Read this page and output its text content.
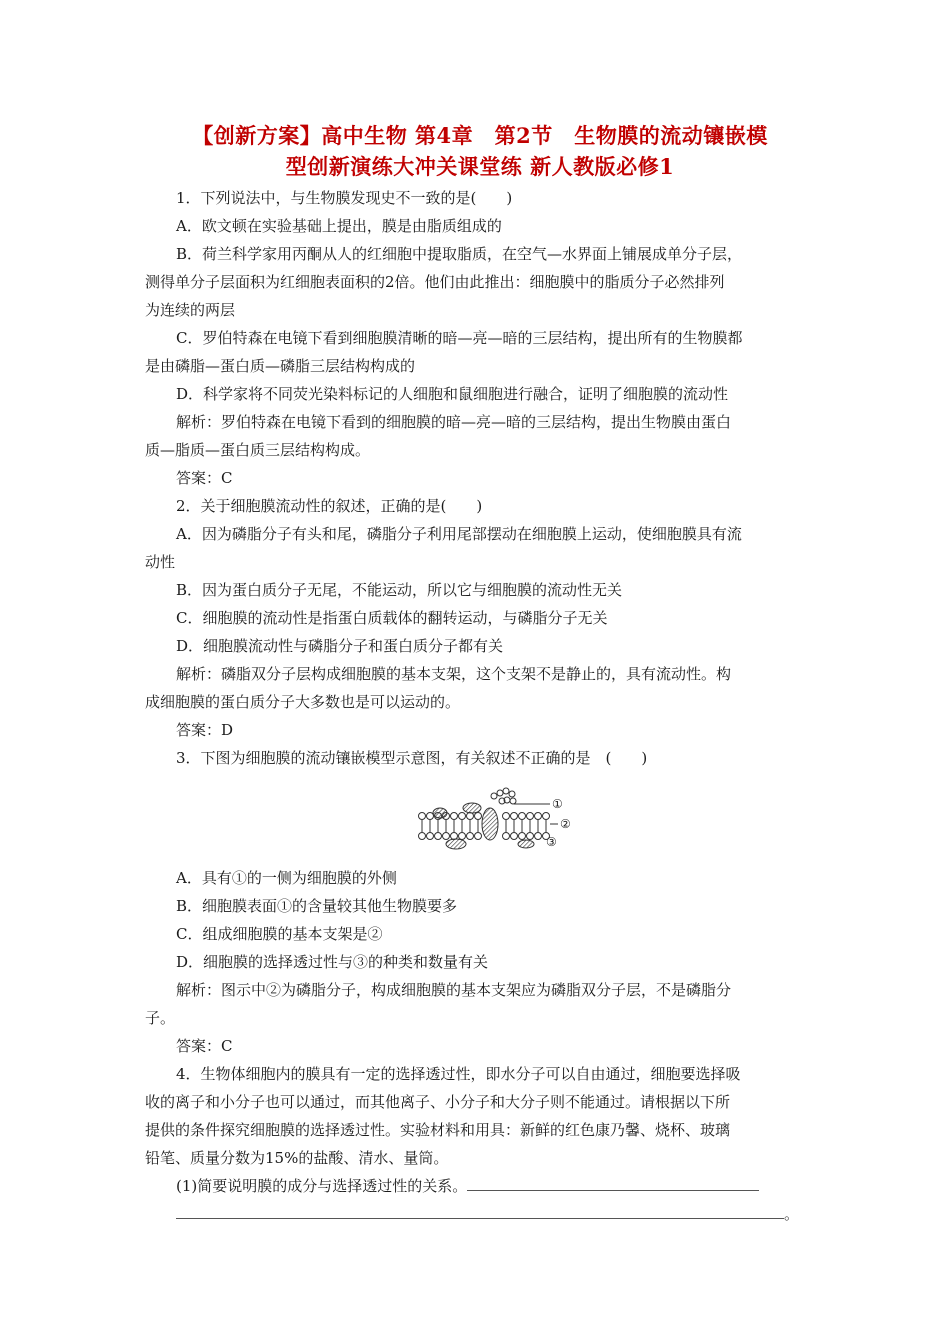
【创新方案】高中生物 第4章　第2节　生物膜的流动镶嵌模
型创新演练大冲关课堂练 新人教版必修1
1．下列说法中，与生物膜发现史不一致的是(　　)
A．欧文顿在实验基础上提出，膜是由脂质组成的
B．荷兰科学家用丙酮从人的红细胞中提取脂质，在空气—水界面上铺展成单分子层，
测得单分子层面积为红细胞表面积的2倍。他们由此推出：细胞膜中的脂质分子必然排列
为连续的两层
C．罗伯特森在电镜下看到细胞膜清晰的暗—亮—暗的三层结构，提出所有的生物膜都
是由磷脂—蛋白质—磷脂三层结构构成的
D．科学家将不同荧光染料标记的人细胞和鼠细胞进行融合，证明了细胞膜的流动性
解析：罗伯特森在电镜下看到的细胞膜的暗—亮—暗的三层结构，提出生物膜由蛋白
质—脂质—蛋白质三层结构构成。
答案：C
2．关于细胞膜流动性的叙述，正确的是(　　)
A．因为磷脂分子有头和尾，磷脂分子利用尾部摆动在细胞膜上运动，使细胞膜具有流
动性
B．因为蛋白质分子无尾，不能运动，所以它与细胞膜的流动性无关
C．细胞膜的流动性是指蛋白质载体的翻转运动，与磷脂分子无关
D．细胞膜流动性与磷脂分子和蛋白质分子都有关
解析：磷脂双分子层构成细胞膜的基本支架，这个支架不是静止的，具有流动性。构
成细胞膜的蛋白质分子大多数也是可以运动的。
答案：D
3．下图为细胞膜的流动镶嵌模型示意图，有关叙述不正确的是　(　　)
①
②
③
A．具有①的一侧为细胞膜的外侧
B．细胞膜表面①的含量较其他生物膜要多
C．组成细胞膜的基本支架是②
D．细胞膜的选择透过性与③的种类和数量有关
解析：图示中②为磷脂分子，构成细胞膜的基本支架应为磷脂双分子层，不是磷脂分
子。
答案：C
4．生物体细胞内的膜具有一定的选择透过性，即水分子可以自由通过，细胞要选择吸
收的离子和小分子也可以通过，而其他离子、小分子和大分子则不能通过。请根据以下所
提供的条件探究细胞膜的选择透过性。实验材料和用具：新鲜的红色康乃馨、烧杯、玻璃
铅笔、质量分数为15%的盐酸、清水、量筒。
(1)简要说明膜的成分与选择透过性的关系。
。
